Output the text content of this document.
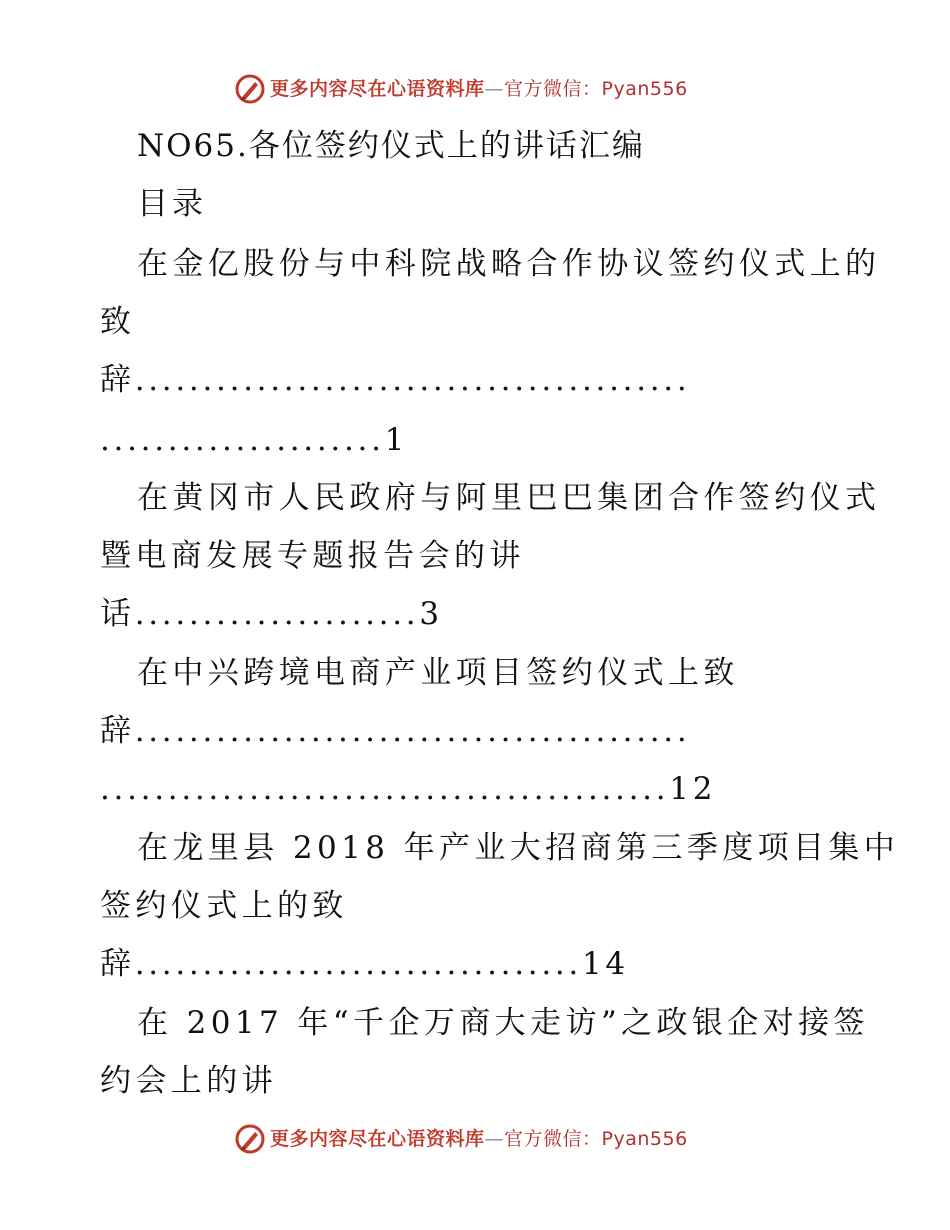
更多内容尽在心语资料库—官方微信：Pyan556
NO65.各位签约仪式上的讲话汇编
目录
在金亿股份与中科院战略合作协议签约仪式上的
致
辞.........................................
.....................1
在黄冈市人民政府与阿里巴巴集团合作签约仪式
暨电商发展专题报告会的讲
话.....................3
在中兴跨境电商产业项目签约仪式上致
辞.........................................
..........................................12
在龙里县 2018 年产业大招商第三季度项目集中
签约仪式上的致
辞.................................14
在 2017 年“千企万商大走访”之政银企对接签
约会上的讲
更多内容尽在心语资料库—官方微信：Pyan556
